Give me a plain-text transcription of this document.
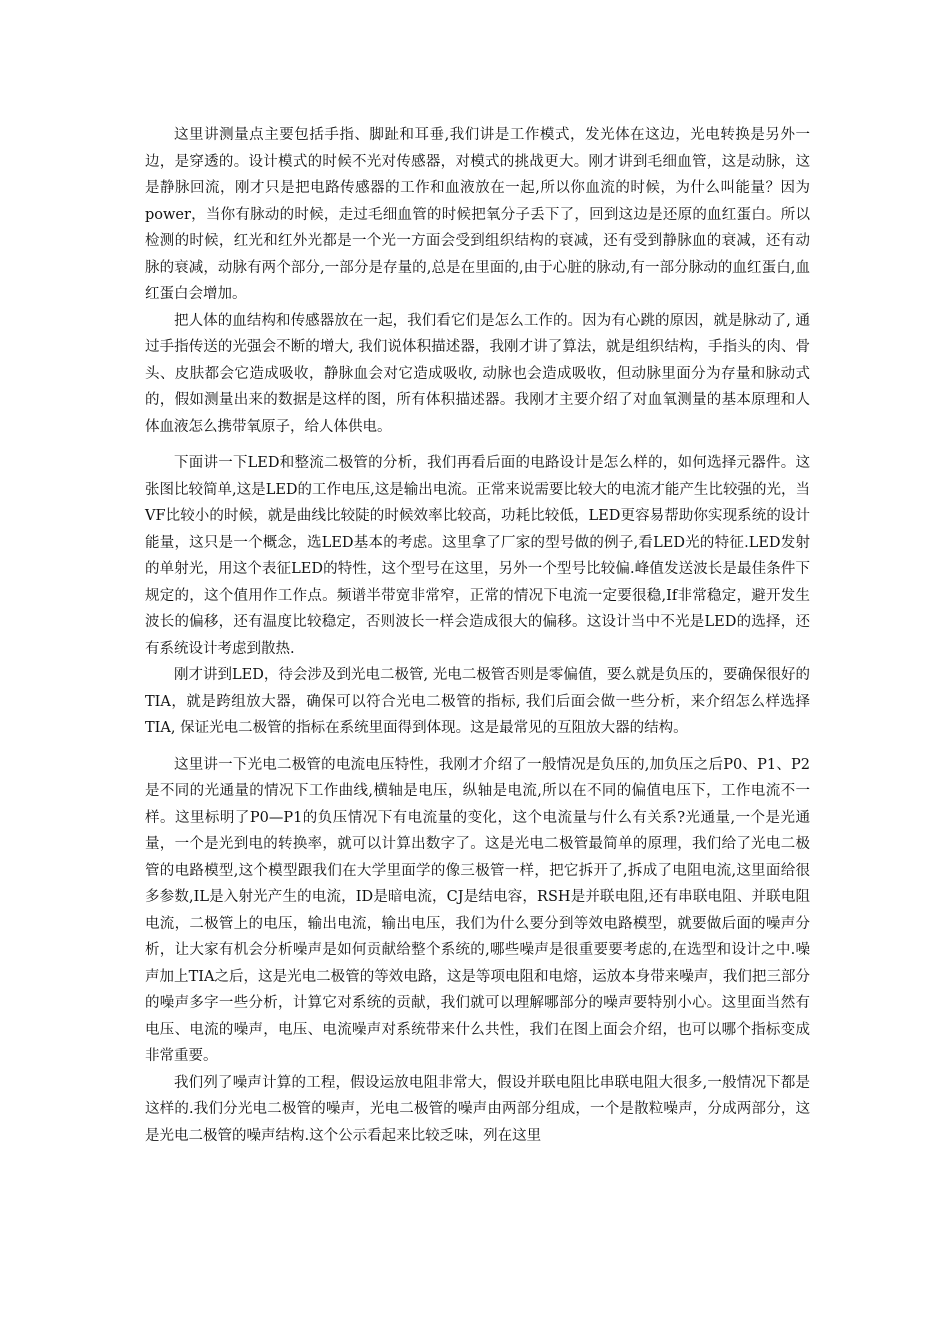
这里讲测量点主要包括手指、脚趾和耳垂,我们讲是工作模式，发光体在这边，光电转换是另外一边，是穿透的。设计模式的时候不光对传感器，对模式的挑战更大。刚才讲到毛细血管，这是动脉，这是静脉回流，刚才只是把电路传感器的工作和血液放在一起,所以你血流的时候，为什么叫能量？因为power，当你有脉动的时候，走过毛细血管的时候把氧分子丢下了，回到这边是还原的血红蛋白。所以检测的时候，红光和红外光都是一个光一方面会受到组织结构的衰减，还有受到静脉血的衰减，还有动脉的衰减，动脉有两个部分,一部分是存量的,总是在里面的,由于心脏的脉动,有一部分脉动的血红蛋白,血红蛋白会增加。

把人体的血结构和传感器放在一起，我们看它们是怎么工作的。因为有心跳的原因，就是脉动了, 通过手指传送的光强会不断的增大, 我们说体积描述器，我刚才讲了算法，就是组织结构，手指头的肉、骨头、皮肤都会它造成吸收，静脉血会对它造成吸收, 动脉也会造成吸收，但动脉里面分为存量和脉动式的，假如测量出来的数据是这样的图，所有体积描述器。我刚才主要介绍了对血氧测量的基本原理和人体血液怎么携带氧原子，给人体供电。

下面讲一下LED和整流二极管的分析，我们再看后面的电路设计是怎么样的，如何选择元器件。这张图比较简单,这是LED的工作电压,这是输出电流。正常来说需要比较大的电流才能产生比较强的光，当VF比较小的时候，就是曲线比较陡的时候效率比较高，功耗比较低，LED更容易帮助你实现系统的设计能量，这只是一个概念，选LED基本的考虑。这里拿了厂家的型号做的例子,看LED光的特征.LED发射的单射光，用这个表征LED的特性，这个型号在这里，另外一个型号比较偏.峰值发送波长是最佳条件下规定的，这个值用作工作点。频谱半带宽非常窄，正常的情况下电流一定要很稳,If非常稳定，避开发生波长的偏移，还有温度比较稳定，否则波长一样会造成很大的偏移。这设计当中不光是LED的选择，还有系统设计考虑到散热.

刚才讲到LED，待会涉及到光电二极管, 光电二极管否则是零偏值，要么就是负压的，要确保很好的TIA，就是跨组放大器，确保可以符合光电二极管的指标, 我们后面会做一些分析，来介绍怎么样选择TIA, 保证光电二极管的指标在系统里面得到体现。这是最常见的互阻放大器的结构。

这里讲一下光电二极管的电流电压特性，我刚才介绍了一般情况是负压的,加负压之后P0、P1、P2是不同的光通量的情况下工作曲线,横轴是电压，纵轴是电流,所以在不同的偏值电压下，工作电流不一样。这里标明了P0—P1的负压情况下有电流量的变化，这个电流量与什么有关系?光通量,一个是光通量，一个是光到电的转换率，就可以计算出数字了。这是光电二极管最简单的原理，我们给了光电二极管的电路模型,这个模型跟我们在大学里面学的像三极管一样，把它拆开了,拆成了电阻电流,这里面给很多参数,IL是入射光产生的电流，ID是暗电流，CJ是结电容，RSH是并联电阻,还有串联电阻、并联电阻电流，二极管上的电压，输出电流，输出电压，我们为什么要分到等效电路模型，就要做后面的噪声分析，让大家有机会分析噪声是如何贡献给整个系统的,哪些噪声是很重要要考虑的,在选型和设计之中.噪声加上TIA之后，这是光电二极管的等效电路，这是等项电阻和电熔，运放本身带来噪声，我们把三部分的噪声多字一些分析，计算它对系统的贡献，我们就可以理解哪部分的噪声要特别小心。这里面当然有电压、电流的噪声，电压、电流噪声对系统带来什么共性，我们在图上面会介绍，也可以哪个指标变成非常重要。

我们列了噪声计算的工程，假设运放电阻非常大，假设并联电阻比串联电阻大很多,一般情况下都是这样的.我们分光电二极管的噪声，光电二极管的噪声由两部分组成，一个是散粒噪声，分成两部分，这是光电二极管的噪声结构.这个公示看起来比较乏味，列在这里
